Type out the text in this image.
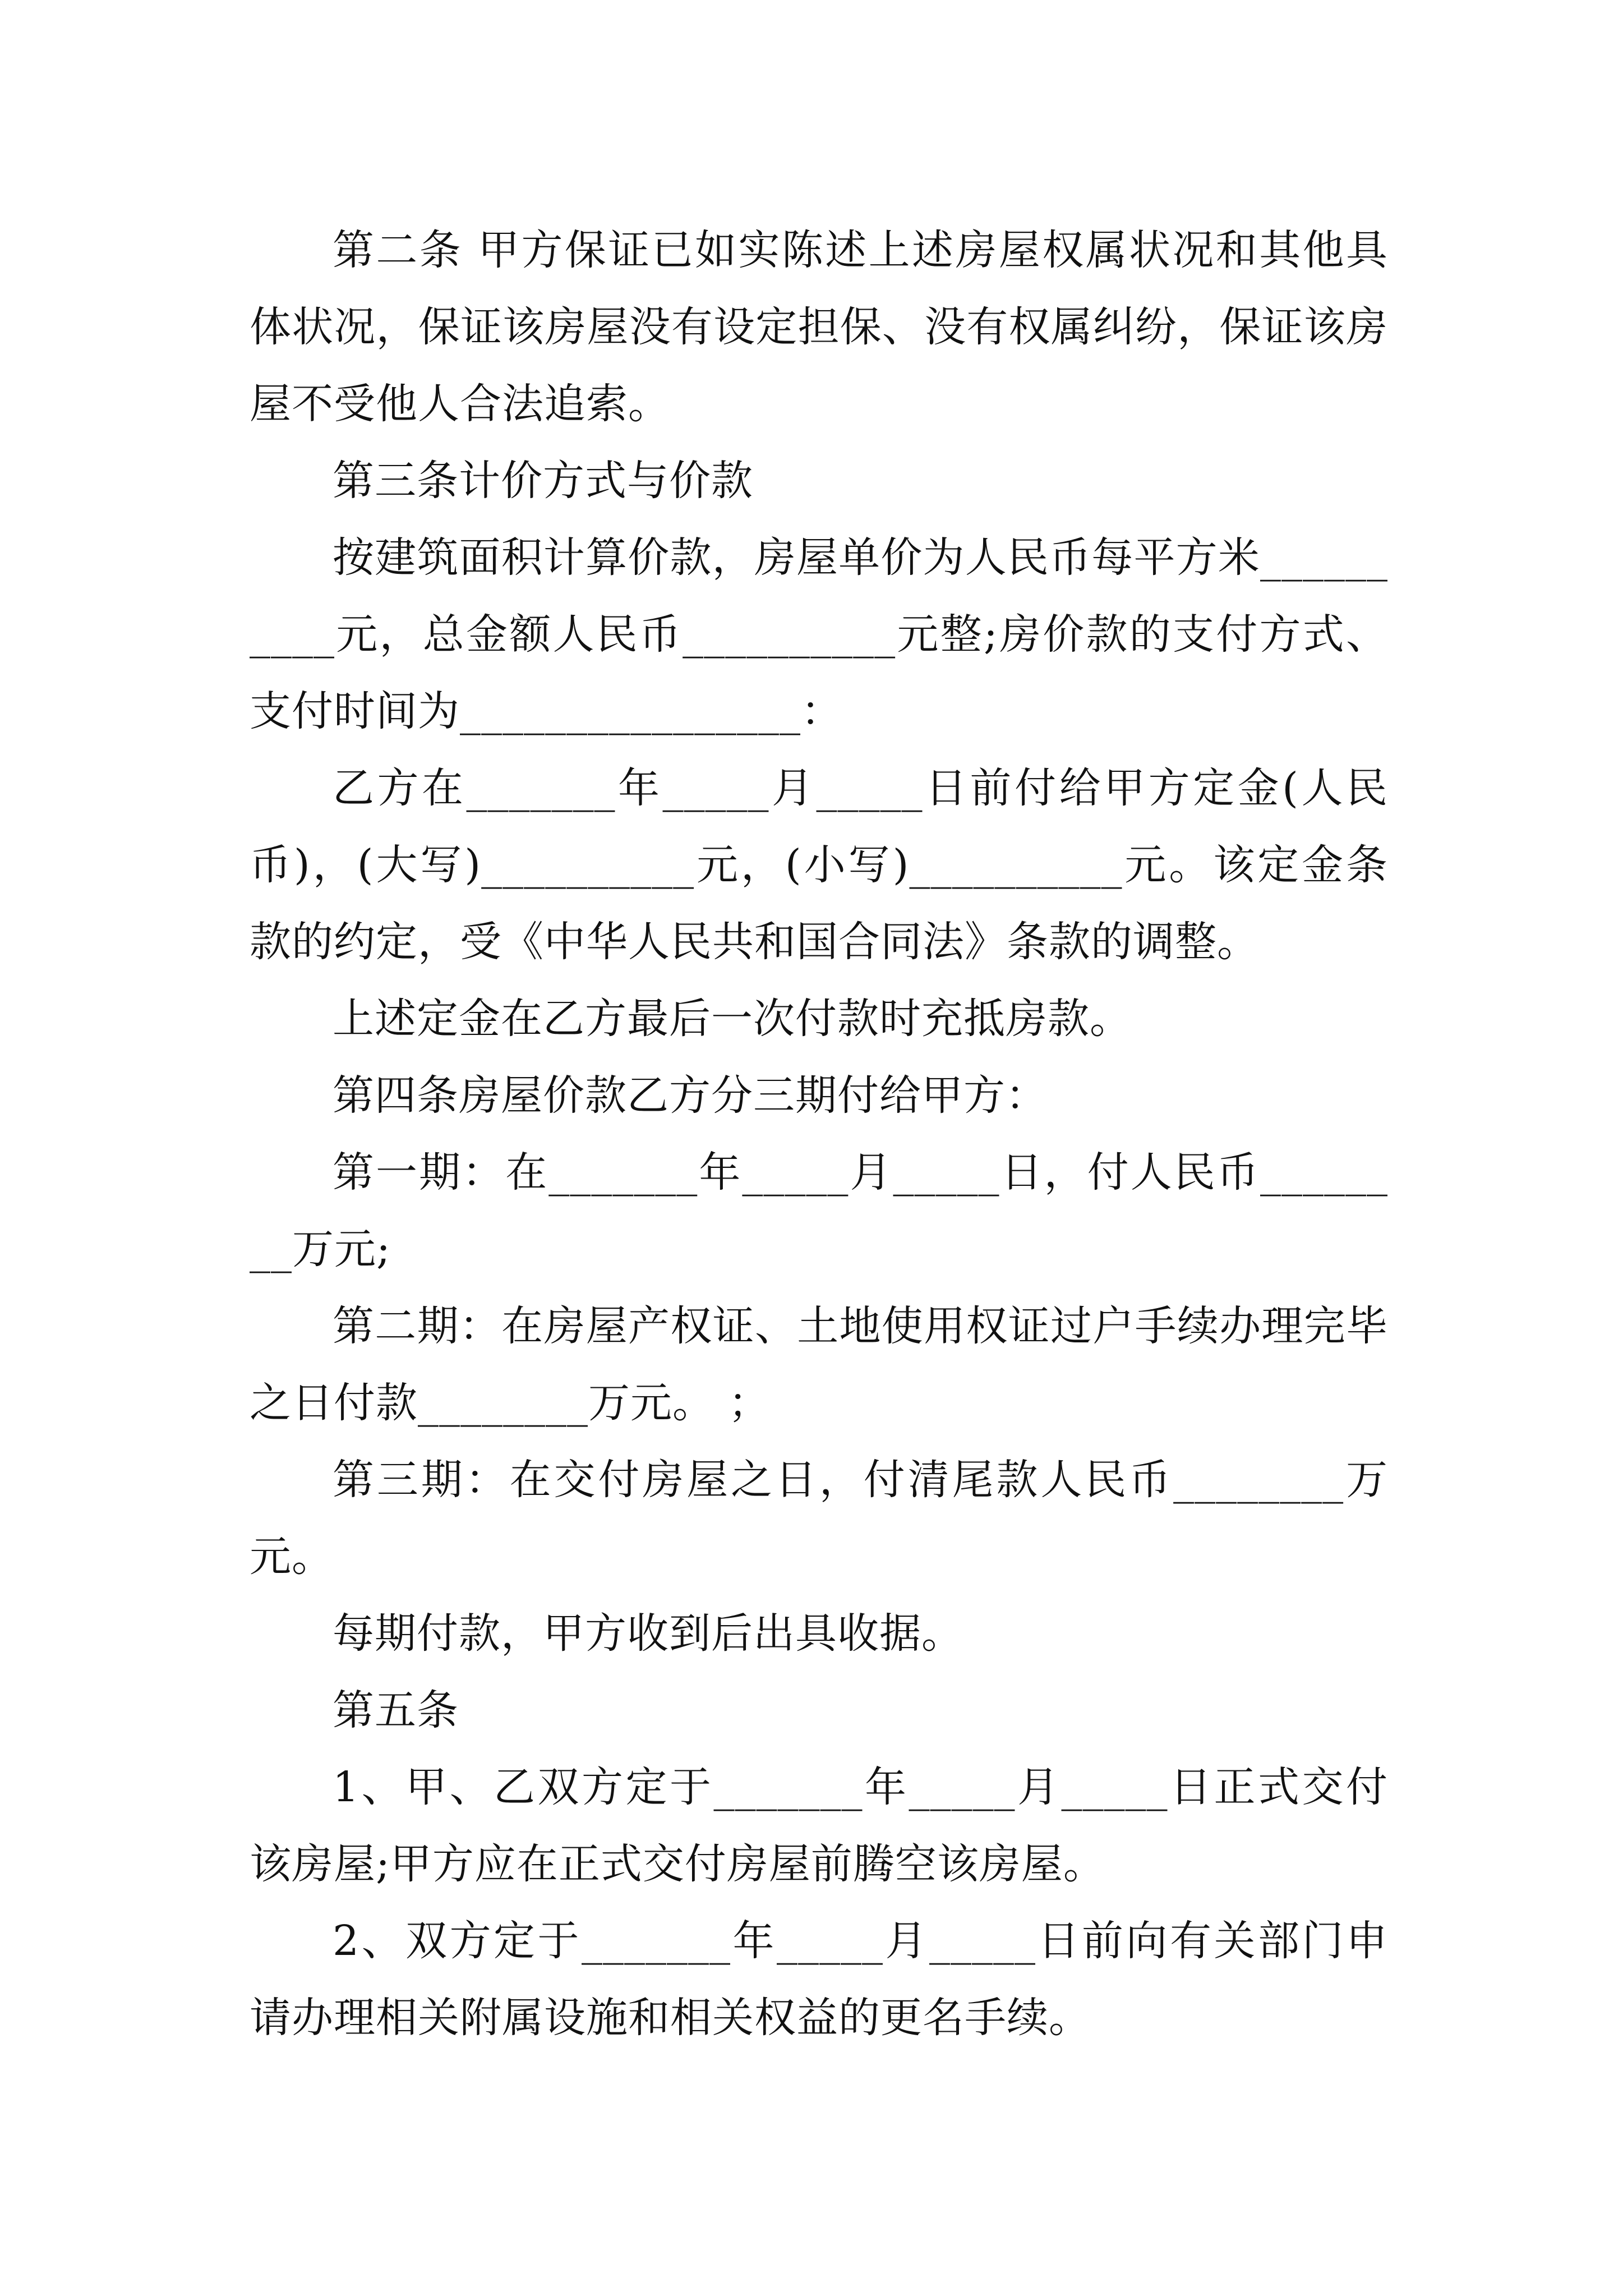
第二条 甲方保证已如实陈述上述房屋权属状况和其他具体状况，保证该房屋没有设定担保、没有权属纠纷，保证该房屋不受他人合法追索。

第三条计价方式与价款

按建筑面积计算价款，房屋单价为人民币每平方米__________元，总金额人民币__________元整;房价款的支付方式、支付时间为________________：

乙方在_______年_____月_____日前付给甲方定金(人民币)，(大写)__________元，(小写)__________元。该定金条款的约定，受《中华人民共和国合同法》条款的调整。

上述定金在乙方最后一次付款时充抵房款。

第四条房屋价款乙方分三期付给甲方：

第一期：在_______年_____月_____日，付人民币________万元;

第二期：在房屋产权证、土地使用权证过户手续办理完毕之日付款________万元。 ；

第三期：在交付房屋之日，付清尾款人民币________万元。

每期付款，甲方收到后出具收据。

第五条

1、甲、乙双方定于_______年_____月_____日正式交付该房屋;甲方应在正式交付房屋前腾空该房屋。

2、双方定于_______年_____月_____日前向有关部门申请办理相关附属设施和相关权益的更名手续。
